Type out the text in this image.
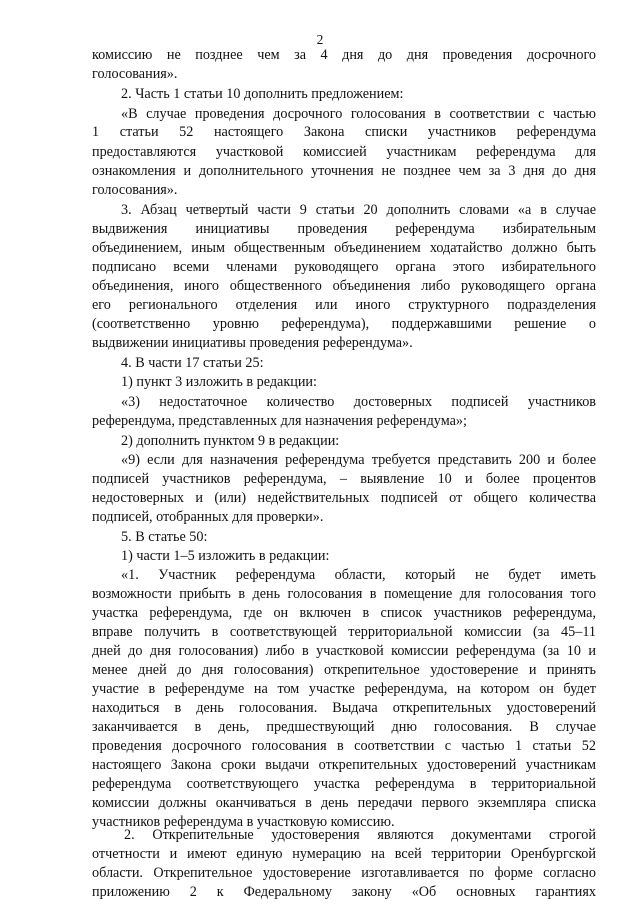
2
комиссию не позднее чем за 4 дня до дня проведения досрочного
голосования».
2. Часть 1 статьи 10 дополнить предложением:
«В случае проведения досрочного голосования в соответствии с частью
1 статьи 52 настоящего Закона списки участников референдума
предоставляются участковой комиссией участникам референдума для
ознакомления и дополнительного уточнения не позднее чем за 3 дня до дня
голосования».
3. Абзац четвертый части 9 статьи 20 дополнить словами «а в случае
выдвижения инициативы проведения референдума избирательным
объединением, иным общественным объединением ходатайство должно быть
подписано всеми членами руководящего органа этого избирательного
объединения, иного общественного объединения либо руководящего органа
его регионального отделения или иного структурного подразделения
(соответственно уровню референдума), поддержавшими решение о
выдвижении инициативы проведения референдума».
4. В части 17 статьи 25:
1) пункт 3 изложить в редакции:
«3) недостаточное количество достоверных подписей участников
референдума, представленных для назначения референдума»;
2) дополнить пунктом 9 в редакции:
«9) если для назначения референдума требуется представить 200 и более
подписей участников референдума, – выявление 10 и более процентов
недостоверных и (или) недействительных подписей от общего количества
подписей, отобранных для проверки».
5. В статье 50:
1) части 1–5 изложить в редакции:
«1. Участник референдума области, который не будет иметь
возможности прибыть в день голосования в помещение для голосования того
участка референдума, где он включен в список участников референдума,
вправе получить в соответствующей территориальной комиссии (за 45–11
дней до дня голосования) либо в участковой комиссии референдума (за 10 и
менее дней до дня голосования) открепительное удостоверение и принять
участие в референдуме на том участке референдума, на котором он будет
находиться в день голосования. Выдача открепительных удостоверений
заканчивается в день, предшествующий дню голосования. В случае
проведения досрочного голосования в соответствии с частью 1 статьи 52
настоящего Закона сроки выдачи открепительных удостоверений участникам
референдума соответствующего участка референдума в территориальной
комиссии должны оканчиваться в день передачи первого экземпляра списка
участников референдума в участковую комиссию.
2. Открепительные удостоверения являются документами строгой
отчетности и имеют единую нумерацию на всей территории Оренбургской
области. Открепительное удостоверение изготавливается по форме согласно
приложению 2 к Федеральному закону «Об основных гарантиях
